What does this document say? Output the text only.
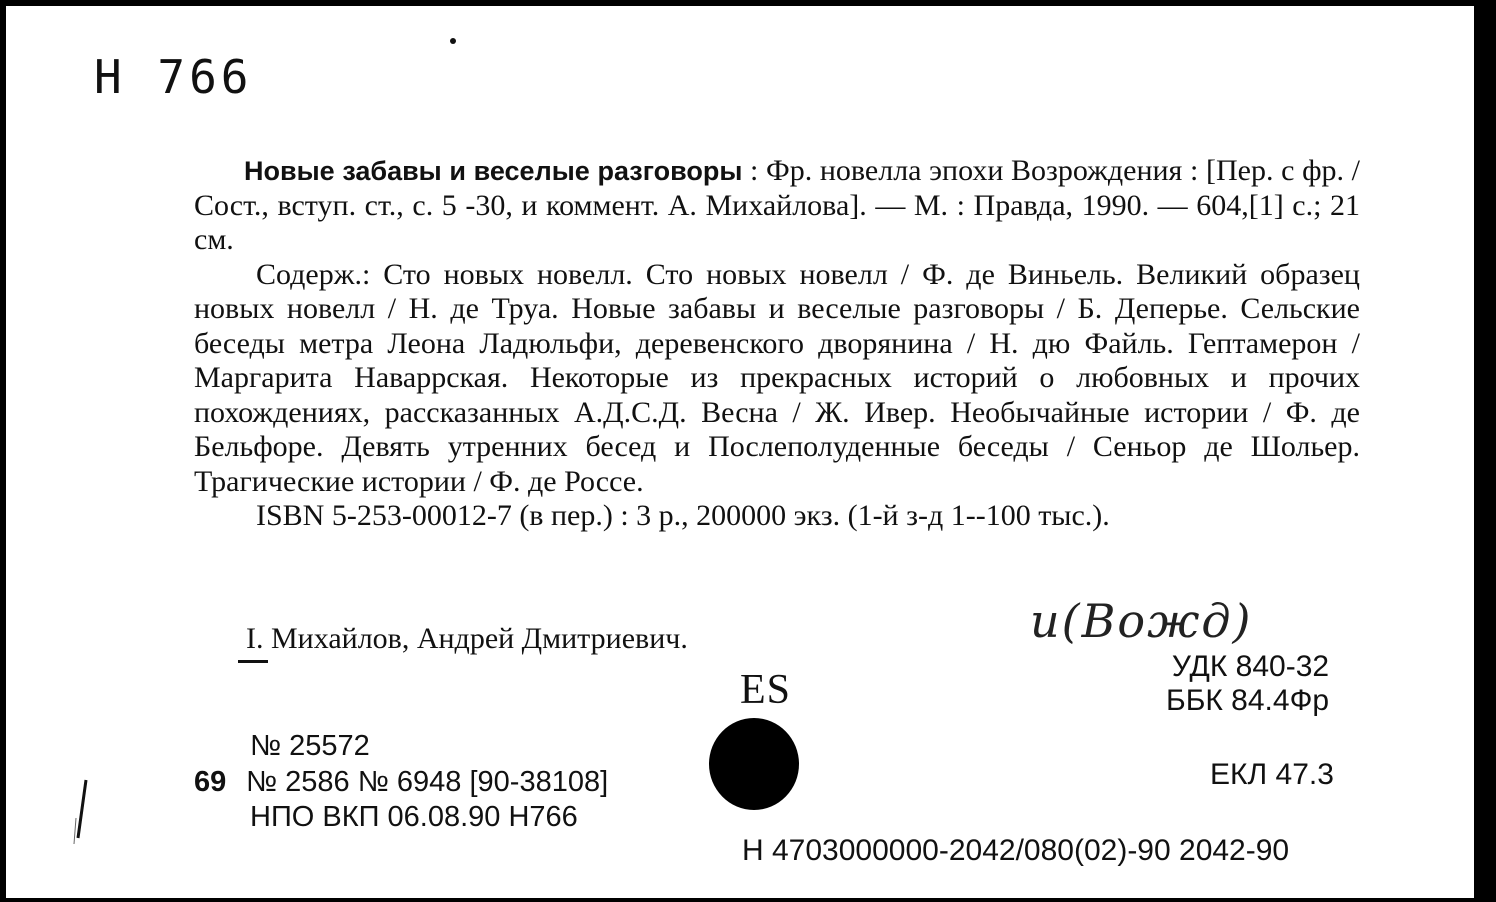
Н 766

Новые забавы и веселые разговоры : Фр. новелла эпохи Возрождения : [Пер. с фр. / Сост., вступ. ст., с. 5 -30, и коммент. А. Михайлова]. — М. : Правда, 1990. — 604,[1] с.; 21 см.

Содерж.: Сто новых новелл. Сто новых новелл / Ф. де Виньель. Великий образец новых новелл / Н. де Труа. Новые забавы и веселые разговоры / Б. Деперье. Сельские беседы метра Леона Ладюльфи, деревенского дворянина / Н. дю Файль. Гептамерон / Маргарита Наваррская. Некоторые из прекрасных историй о любовных и прочих похождениях, рассказанных А.Д.С.Д. Весна / Ж. Ивер. Необычайные истории / Ф. де Бельфоре. Девять утренних бесед и Послеполуденные беседы / Сеньор де Шольер. Трагические истории / Ф. де Россе.

ISBN 5-253-00012-7 (в пер.) : 3 р., 200000 экз. (1-й з-д 1--100 тыс.).

I. Михайлов, Андрей Дмитриевич.	и(Вожд)
УДК 840-32
ББК 84.4Фр
ES
ЕКЛ 47.3
№ 25572
69 № 2586 № 6948 [90-38108]
НПО ВКП 06.08.90 Н766
Н 4703000000-2042/080(02)-90 2042-90
